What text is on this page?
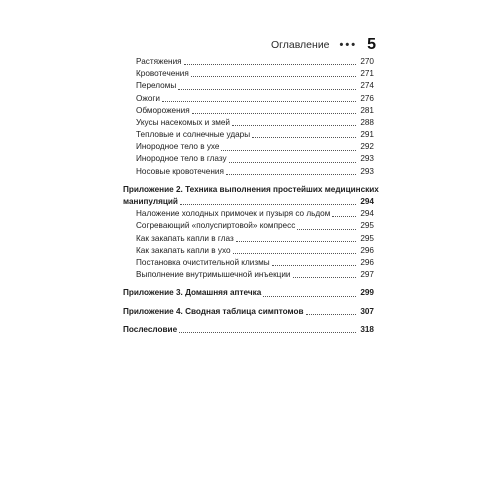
Оглавление ••• 5
Растяжения	270
Кровотечения	271
Переломы	274
Ожоги	276
Обморожения	281
Укусы насекомых и змей	288
Тепловые и солнечные удары	291
Инородное тело в ухе	292
Инородное тело в глазу	293
Носовые кровотечения	293
Приложение 2. Техника выполнения простейших медицинских
манипуляций	294
Наложение холодных примочек и пузыря со льдом	294
Согревающий «полуспиртовой» компресс	295
Как закапать капли в глаз	295
Как закапать капли в ухо	296
Постановка очистительной клизмы	296
Выполнение внутримышечной инъекции	297
Приложение 3. Домашняя аптечка	299
Приложение 4. Сводная таблица симптомов	307
Послесловие	318
